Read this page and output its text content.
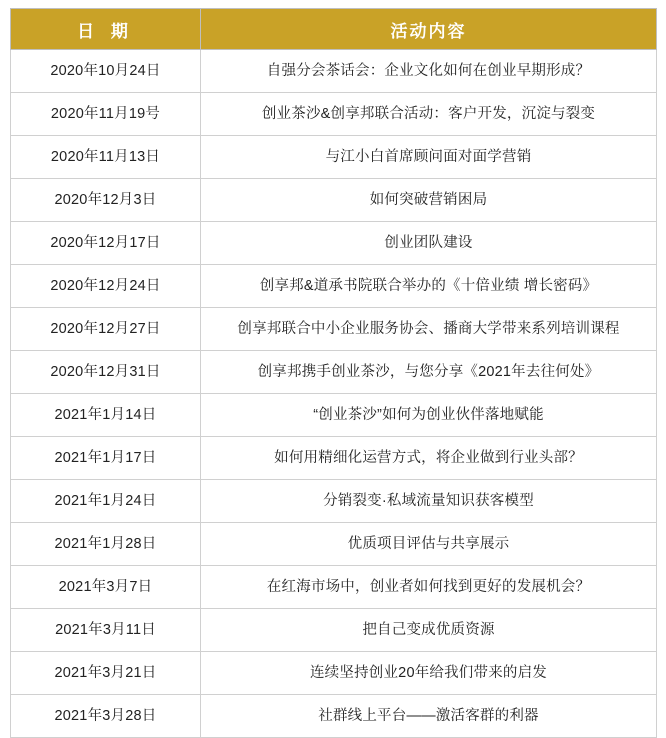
日 期	活动内容
2020年10月24日	自强分会茶话会：企业文化如何在创业早期形成？
2020年11月19号	创业茶沙&创享邦联合活动：客户开发，沉淀与裂变
2020年11月13日	与江小白首席顾问面对面学营销
2020年12月3日	如何突破营销困局
2020年12月17日	创业团队建设
2020年12月24日	创享邦&道承书院联合举办的《十倍业绩 增长密码》
2020年12月27日	创享邦联合中小企业服务协会、播商大学带来系列培训课程
2020年12月31日	创享邦携手创业茶沙，与您分享《2021年去往何处》
2021年1月14日	“创业茶沙”如何为创业伙伴落地赋能
2021年1月17日	如何用精细化运营方式，将企业做到行业头部？
2021年1月24日	分销裂变·私域流量知识获客模型
2021年1月28日	优质项目评估与共享展示
2021年3月7日	在红海市场中，创业者如何找到更好的发展机会？
2021年3月11日	把自己变成优质资源
2021年3月21日	连续坚持创业20年给我们带来的启发
2021年3月28日	社群线上平台——激活客群的利器
